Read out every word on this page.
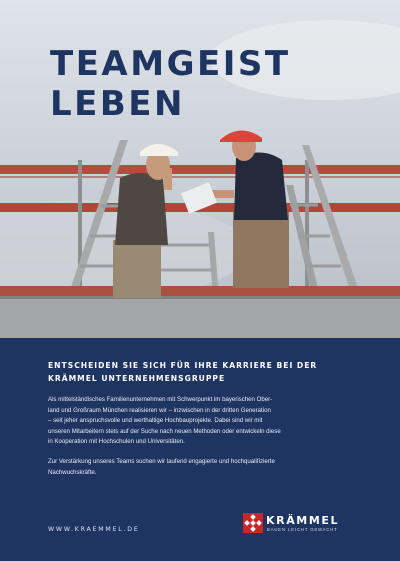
TEAMGEIST
LEBEN
ENTSCHEIDEN SIE SICH FÜR IHRE KARRIERE BEI DER
KRÄMMEL UNTERNEHMENSGRUPPE
Als mittelständisches Familienunternehmen mit Schwerpunkt im bayerischen Ober-
land und Großraum München realisieren wir – inzwischen in der dritten Generation
– seit jeher anspruchsvolle und werthaltige Hochbauprojekte. Dabei sind wir mit
unseren Mitarbeitern stets auf der Suche nach neuen Methoden oder entwickeln diese
in Kooperation mit Hochschulen und Universitäten.
Zur Verstärkung unseres Teams suchen wir laufend engagierte und hochqualifizierte
Nachwuchskräfte.
WWW.KRAEMMEL.DE
KRÄMMEL
BAUEN LEICHT GEMACHT
